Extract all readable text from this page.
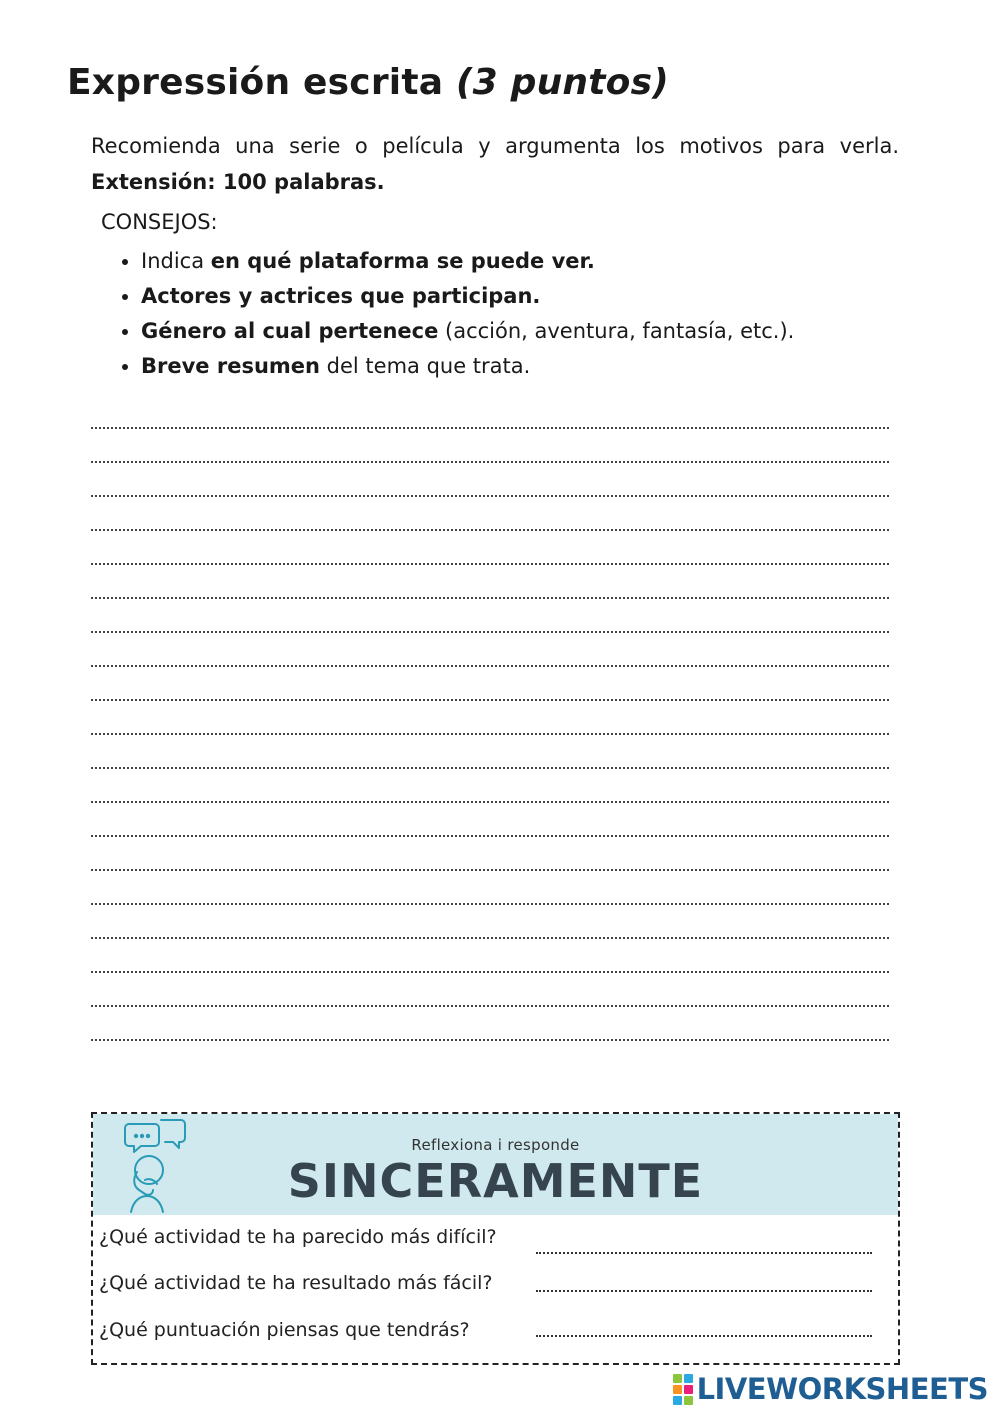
Expressión escrita (3 puntos)
Recomienda una serie o película y argumenta los motivos para verla. Extensión: 100 palabras.
CONSEJOS:
• Indica en qué plataforma se puede ver.
• Actores y actrices que participan.
• Género al cual pertenece (acción, aventura, fantasía, etc.).
• Breve resumen del tema que trata.
Reflexiona i responde
SINCERAMENTE
¿Qué actividad te ha parecido más difícil?
¿Qué actividad te ha resultado más fácil?
¿Qué puntuación piensas que tendrás?
LIVEWORKSHEETS
